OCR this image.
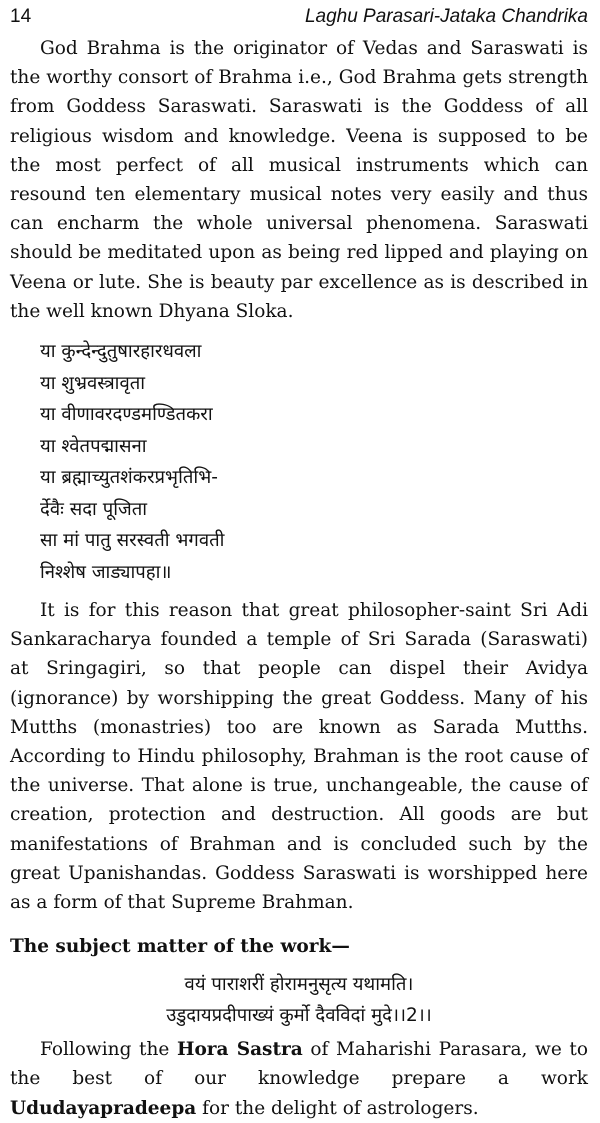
14	Laghu Parasari-Jataka Chandrika

God Brahma is the originator of Vedas and Saraswati is the worthy consort of Brahma i.e., God Brahma gets strength from Goddess Saraswati. Saraswati is the Goddess of all religious wisdom and knowledge. Veena is supposed to be the most perfect of all musical instruments which can resound ten elementary musical notes very easily and thus can encharm the whole universal phenomena. Saraswati should be meditated upon as being red lipped and playing on Veena or lute. She is beauty par excellence as is described in the well known Dhyana Sloka.

या कुन्देन्दुतुषारहारधवला
या शुभ्रवस्त्रावृता
या वीणावरदण्डमण्डितकरा
या श्वेतपद्मासना
या ब्रह्माच्युतशंकरप्रभृतिभि-
र्देवैः सदा पूजिता
सा मां पातु सरस्वती भगवती
निश्शेष जाड्यापहा॥

It is for this reason that great philosopher-saint Sri Adi Sankaracharya founded a temple of Sri Sarada (Saraswati) at Sringagiri, so that people can dispel their Avidya (ignorance) by worshipping the great Goddess. Many of his Mutths (monastries) too are known as Sarada Mutths. According to Hindu philosophy, Brahman is the root cause of the universe. That alone is true, unchangeable, the cause of creation, protection and destruction. All goods are but manifestations of Brahman and is concluded such by the great Upanishandas. Goddess Saraswati is worshipped here as a form of that Supreme Brahman.

The subject matter of the work—
वयं पाराशरीं होरामनुसृत्य यथामति।
उडुदायप्रदीपाख्यं कुर्मो दैवविदां मुदे।।2।।

Following the Hora Sastra of Maharishi Parasara, we to the best of our knowledge prepare a work Ududayapradeepa for the delight of astrologers.
